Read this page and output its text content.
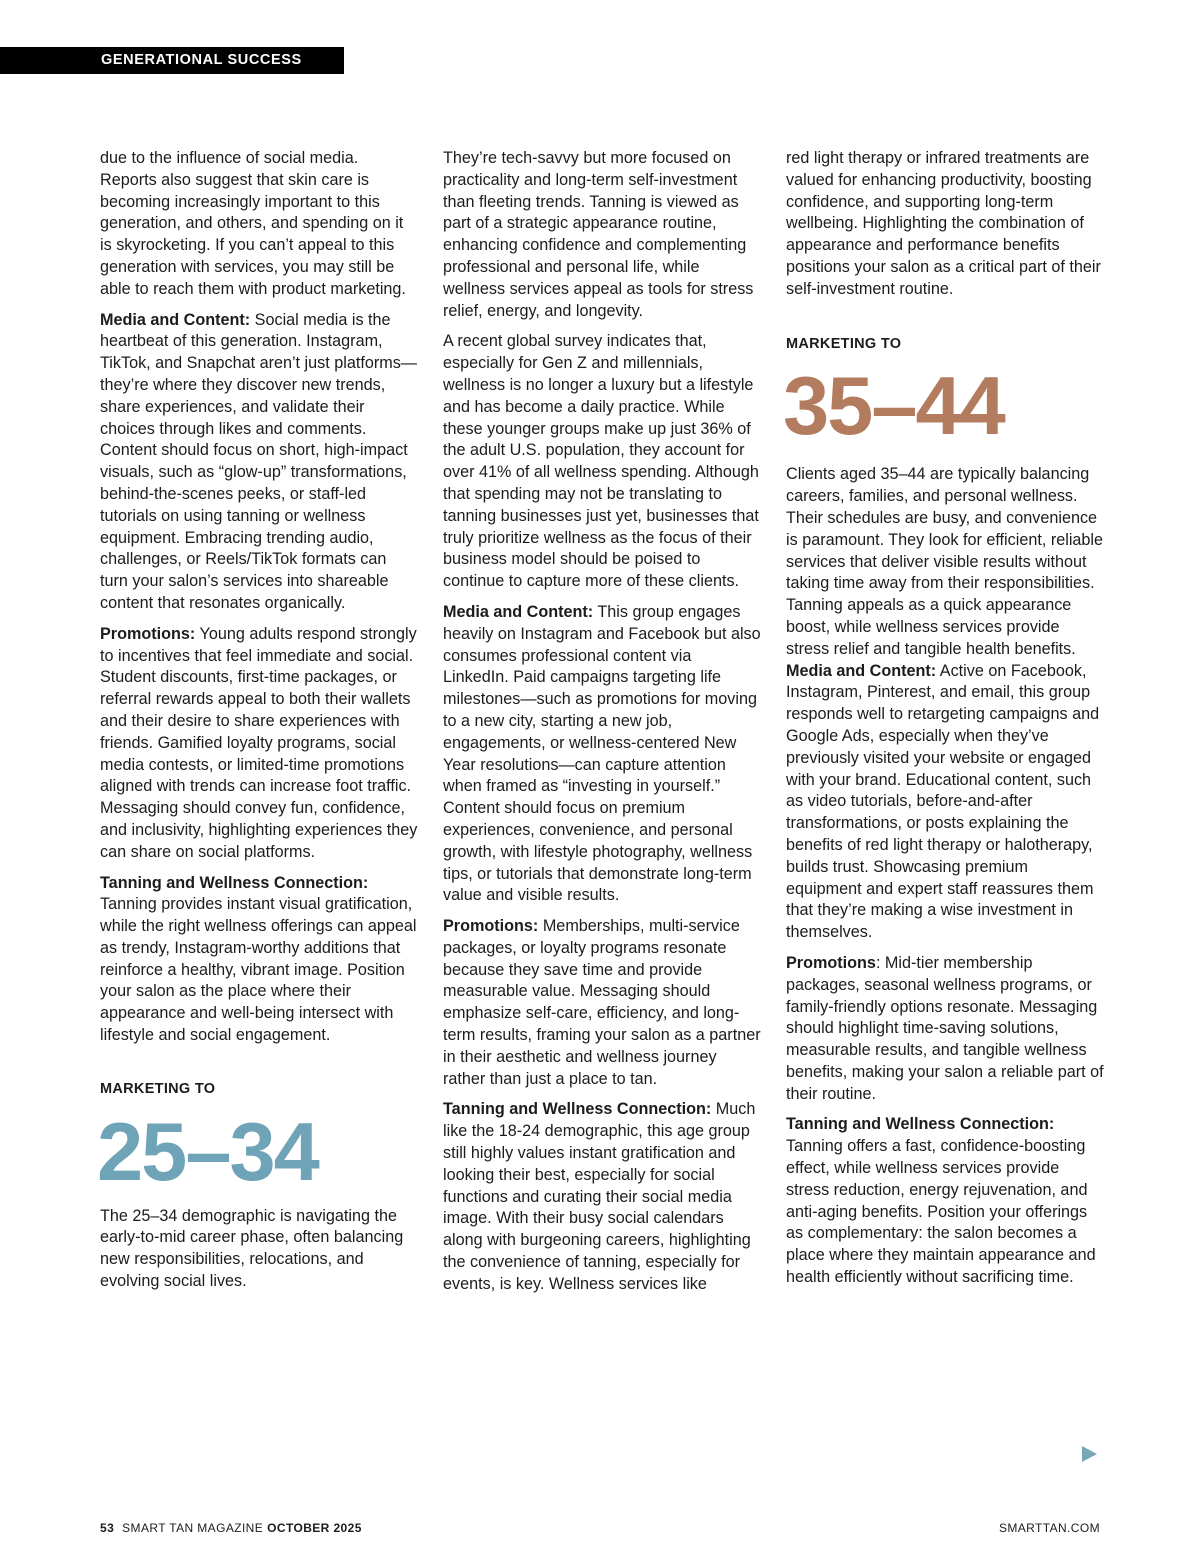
GENERATIONAL SUCCESS

due to the influence of social media. Reports also suggest that skin care is becoming increasingly important to this generation, and others, and spending on it is skyrocketing. If you can’t appeal to this generation with services, you may still be able to reach them with product marketing.

Media and Content: Social media is the heartbeat of this generation. Instagram, TikTok, and Snapchat aren’t just platforms—they’re where they discover new trends, share experiences, and validate their choices through likes and comments. Content should focus on short, high-impact visuals, such as “glow-up” transformations, behind-the-scenes peeks, or staff-led tutorials on using tanning or wellness equipment. Embracing trending audio, challenges, or Reels/TikTok formats can turn your salon’s services into shareable content that resonates organically.

Promotions: Young adults respond strongly to incentives that feel immediate and social. Student discounts, first-time packages, or referral rewards appeal to both their wallets and their desire to share experiences with friends. Gamified loyalty programs, social media contests, or limited-time promotions aligned with trends can increase foot traffic. Messaging should convey fun, confidence, and inclusivity, highlighting experiences they can share on social platforms.

Tanning and Wellness Connection: Tanning provides instant visual gratification, while the right wellness offerings can appeal as trendy, Instagram-worthy additions that reinforce a healthy, vibrant image. Position your salon as the place where their appearance and well-being intersect with lifestyle and social engagement.

MARKETING TO

25–34

The 25–34 demographic is navigating the early-to-mid career phase, often balancing new responsibilities, relocations, and evolving social lives.

They’re tech-savvy but more focused on practicality and long-term self-investment than fleeting trends. Tanning is viewed as part of a strategic appearance routine, enhancing confidence and complementing professional and personal life, while wellness services appeal as tools for stress relief, energy, and longevity.

A recent global survey indicates that, especially for Gen Z and millennials, wellness is no longer a luxury but a lifestyle and has become a daily practice. While these younger groups make up just 36% of the adult U.S. population, they account for over 41% of all wellness spending. Although that spending may not be translating to tanning businesses just yet, businesses that truly prioritize wellness as the focus of their business model should be poised to continue to capture more of these clients.

Media and Content: This group engages heavily on Instagram and Facebook but also consumes professional content via LinkedIn. Paid campaigns targeting life milestones—such as promotions for moving to a new city, starting a new job, engagements, or wellness-centered New Year resolutions—can capture attention when framed as “investing in yourself.” Content should focus on premium experiences, convenience, and personal growth, with lifestyle photography, wellness tips, or tutorials that demonstrate long-term value and visible results.

Promotions: Memberships, multi-service packages, or loyalty programs resonate because they save time and provide measurable value. Messaging should emphasize self-care, efficiency, and long-term results, framing your salon as a partner in their aesthetic and wellness journey rather than just a place to tan.

Tanning and Wellness Connection: Much like the 18-24 demographic, this age group still highly values instant gratification and looking their best, especially for social functions and curating their social media image. With their busy social calendars along with burgeoning careers, highlighting the convenience of tanning, especially for events, is key. Wellness services like

red light therapy or infrared treatments are valued for enhancing productivity, boosting confidence, and supporting long-term wellbeing. Highlighting the combination of appearance and performance benefits positions your salon as a critical part of their self-investment routine.

MARKETING TO

35–44

Clients aged 35–44 are typically balancing careers, families, and personal wellness. Their schedules are busy, and convenience is paramount. They look for efficient, reliable services that deliver visible results without taking time away from their responsibilities. Tanning appeals as a quick appearance boost, while wellness services provide stress relief and tangible health benefits.

Media and Content: Active on Facebook, Instagram, Pinterest, and email, this group responds well to retargeting campaigns and Google Ads, especially when they’ve previously visited your website or engaged with your brand. Educational content, such as video tutorials, before-and-after transformations, or posts explaining the benefits of red light therapy or halotherapy, builds trust. Showcasing premium equipment and expert staff reassures them that they’re making a wise investment in themselves.

Promotions: Mid-tier membership packages, seasonal wellness programs, or family-friendly options resonate. Messaging should highlight time-saving solutions, measurable results, and tangible wellness benefits, making your salon a reliable part of their routine.

Tanning and Wellness Connection: Tanning offers a fast, confidence-boosting effect, while wellness services provide stress reduction, energy rejuvenation, and anti-aging benefits. Position your offerings as complementary: the salon becomes a place where they maintain appearance and health efficiently without sacrificing time.

53 SMART TAN MAGAZINE OCTOBER 2025	SMARTTAN.COM
